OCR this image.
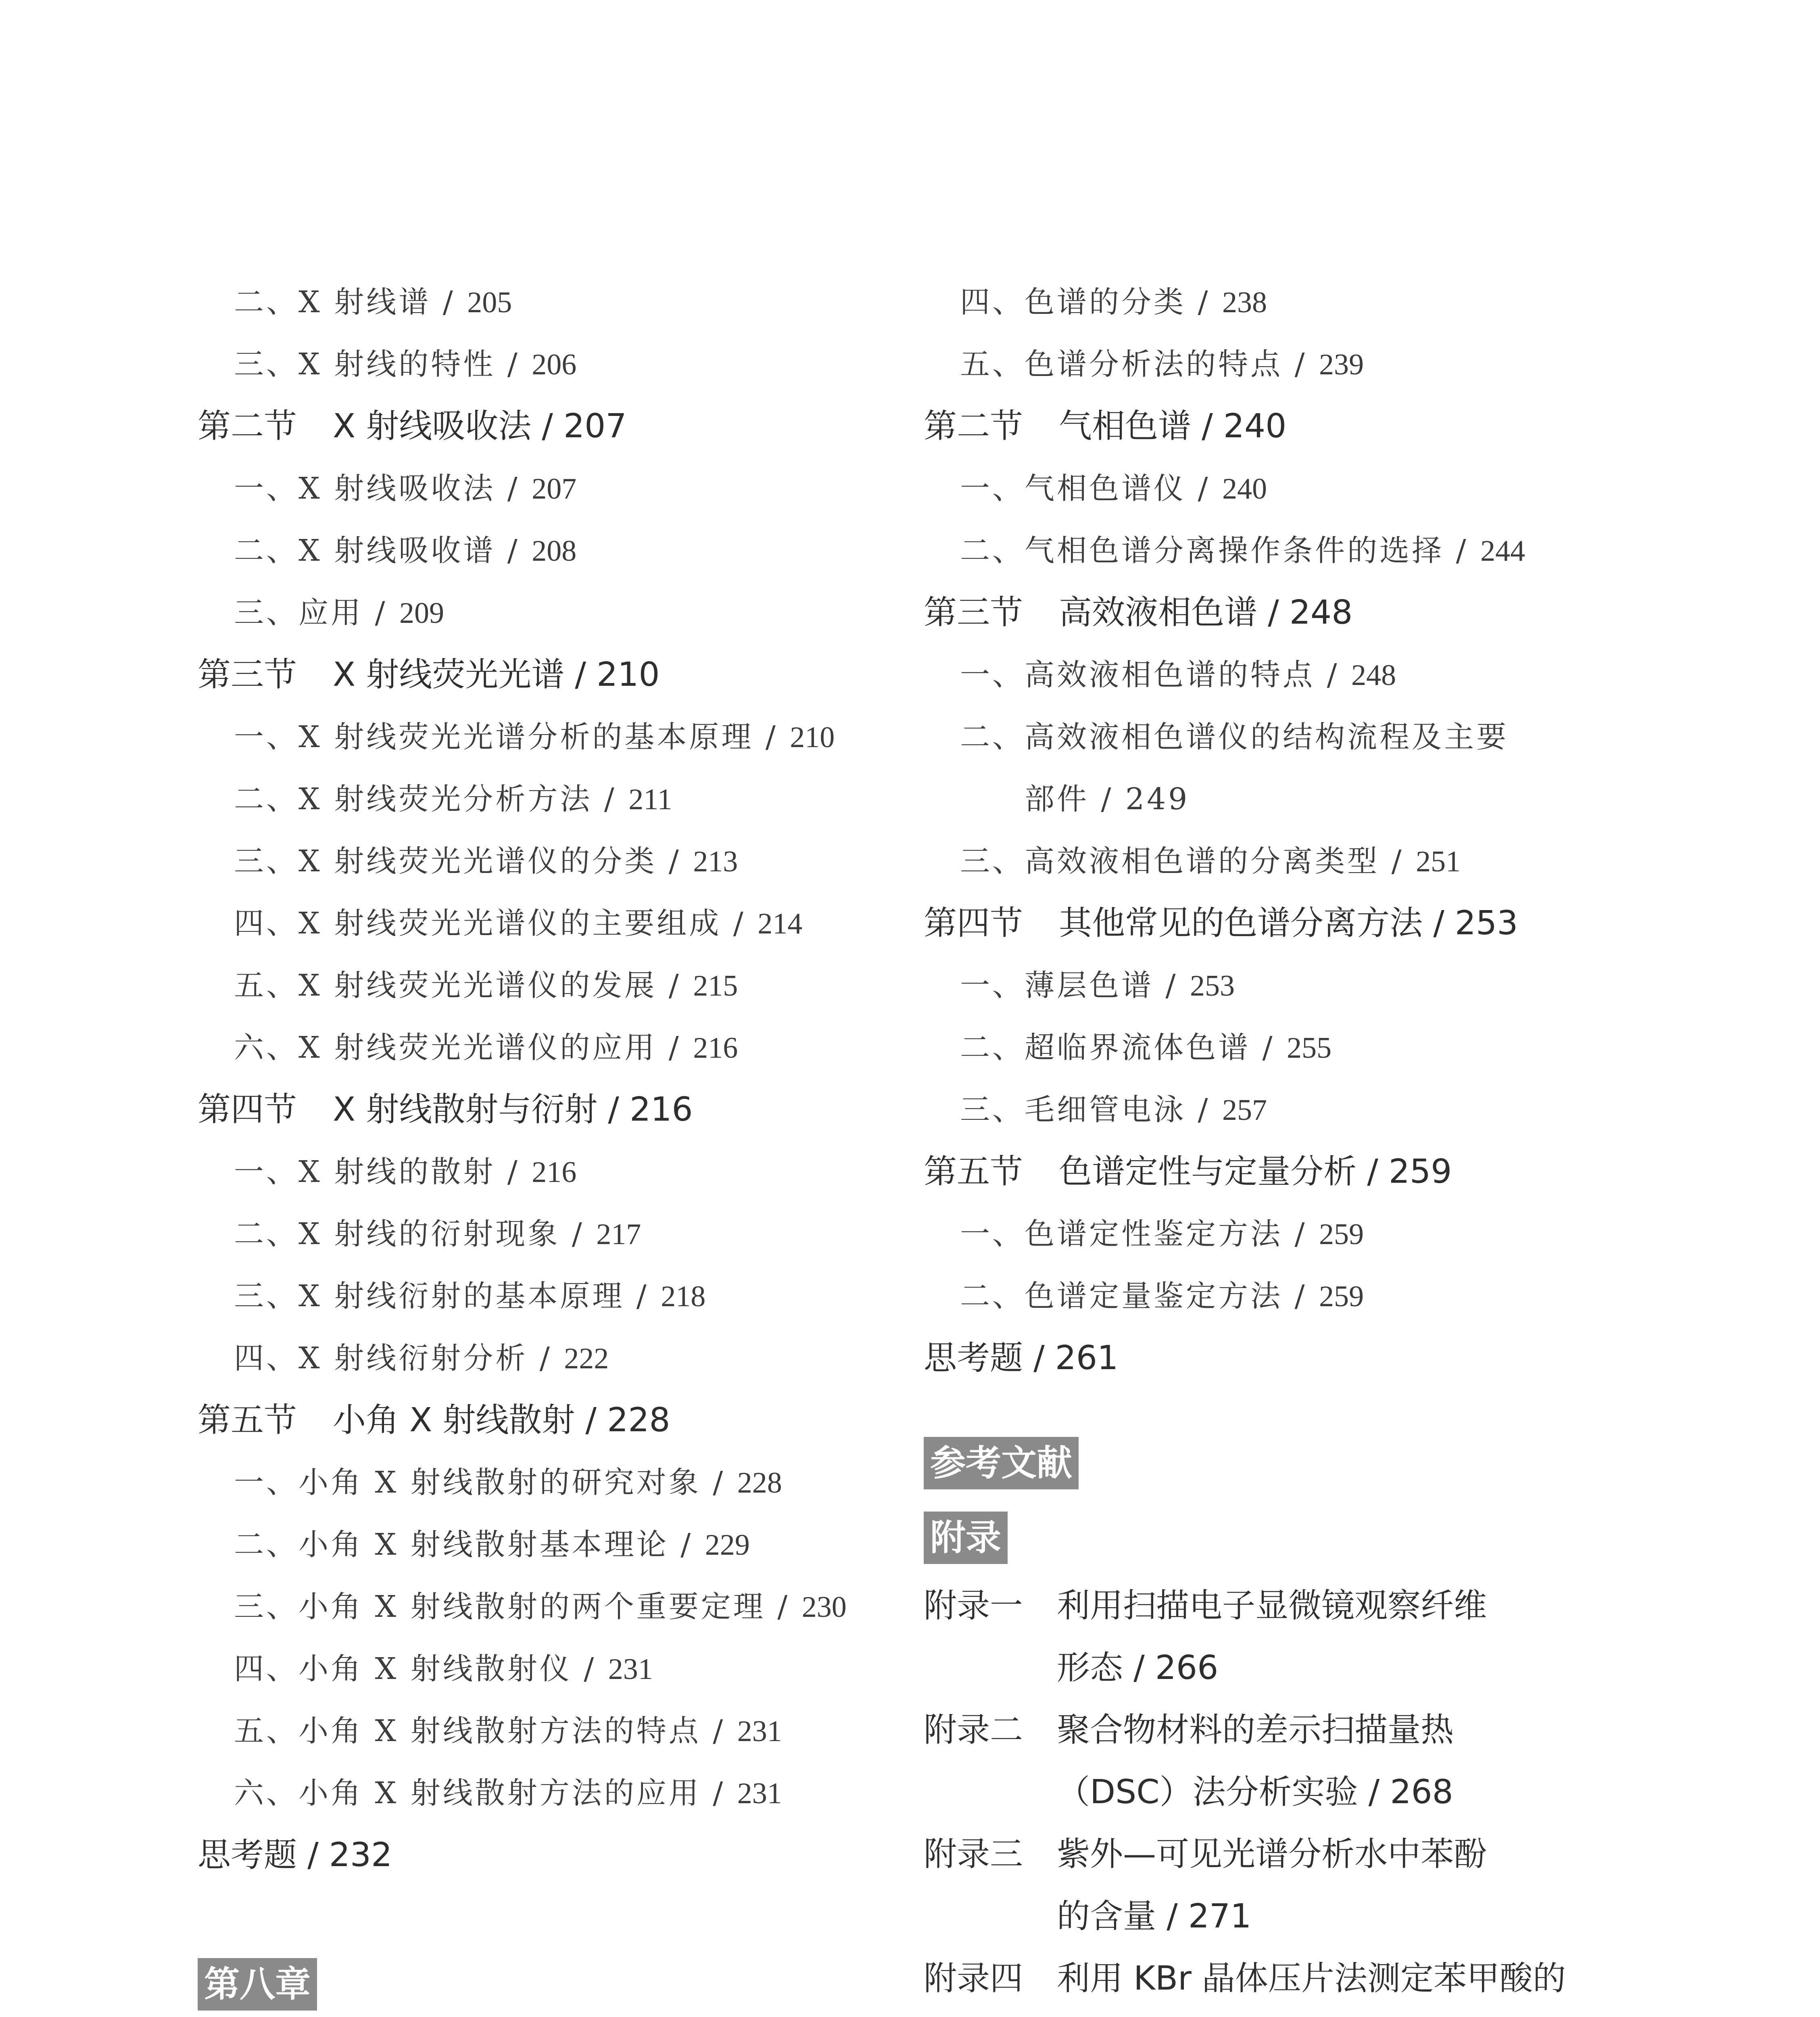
二、X 射线谱 / 205
三、X 射线的特性 / 206
第二节 X 射线吸收法 / 207
一、X 射线吸收法 / 207
二、X 射线吸收谱 / 208
三、应用 / 209
第三节 X 射线荧光光谱 / 210
一、X 射线荧光光谱分析的基本原理 / 210
二、X 射线荧光分析方法 / 211
三、X 射线荧光光谱仪的分类 / 213
四、X 射线荧光光谱仪的主要组成 / 214
五、X 射线荧光光谱仪的发展 / 215
六、X 射线荧光光谱仪的应用 / 216
第四节 X 射线散射与衍射 / 216
一、X 射线的散射 / 216
二、X 射线的衍射现象 / 217
三、X 射线衍射的基本原理 / 218
四、X 射线衍射分析 / 222
第五节 小角 X 射线散射 / 228
一、小角 X 射线散射的研究对象 / 228
二、小角 X 射线散射基本理论 / 229
三、小角 X 射线散射的两个重要定理 / 230
四、小角 X 射线散射仪 / 231
五、小角 X 射线散射方法的特点 / 231
六、小角 X 射线散射方法的应用 / 231
思考题 / 232
第八章
四、色谱的分类 / 238
五、色谱分析法的特点 / 239
第二节 气相色谱 / 240
一、气相色谱仪 / 240
二、气相色谱分离操作条件的选择 / 244
第三节 高效液相色谱 / 248
一、高效液相色谱的特点 / 248
二、高效液相色谱仪的结构流程及主要
部件 / 249
三、高效液相色谱的分离类型 / 251
第四节 其他常见的色谱分离方法 / 253
一、薄层色谱 / 253
二、超临界流体色谱 / 255
三、毛细管电泳 / 257
第五节 色谱定性与定量分析 / 259
一、色谱定性鉴定方法 / 259
二、色谱定量鉴定方法 / 259
思考题 / 261
参考文献
附录
附录一	利用扫描电子显微镜观察纤维
形态 / 266
附录二	聚合物材料的差示扫描量热
（DSC）法分析实验 / 268
附录三	紫外—可见光谱分析水中苯酚
的含量 / 271
附录四	利用 KBr 晶体压片法测定苯甲酸的
